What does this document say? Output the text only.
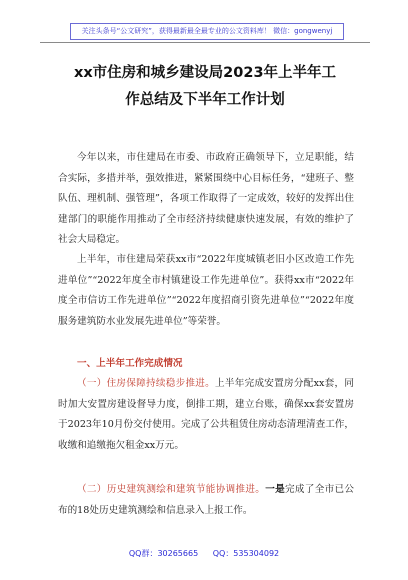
关注头条号“公文研究”，获得最新最全最专业的公文资料库！ 微信：gongwenyj
xx市住房和城乡建设局2023年上半年工
作总结及下半年工作计划

今年以来，市住建局在市委、市政府正确领导下，立足职能，结合实际，多措并举，强效推进，紧紧围绕中心目标任务，“建班子、整队伍、理机制、强管理”，各项工作取得了一定成效，较好的发挥出住建部门的职能作用推动了全市经济持续健康快速发展，有效的维护了社会大局稳定。

上半年，市住建局荣获xx市“2022年度城镇老旧小区改造工作先进单位”“2022年度全市村镇建设工作先进单位”。获得xx市“2022年度全市信访工作先进单位”“2022年度招商引资先进单位”“2022年度服务建筑防水业发展先进单位”等荣誉。

一、上半年工作完成情况

（一）住房保障持续稳步推进。上半年完成安置房分配xx套，同时加大安置房建设督导力度，倒排工期，建立台账，确保xx套安置房于2023年10月份交付使用。完成了公共租赁住房动态清理清查工作，收缴和追缴拖欠租金xx万元。

（二）历史建筑测绘和建筑节能协调推进。一是完成了全市已公布的18处历史建筑测绘和信息录入上报工作。

QQ群：30265665 QQ：535304092
